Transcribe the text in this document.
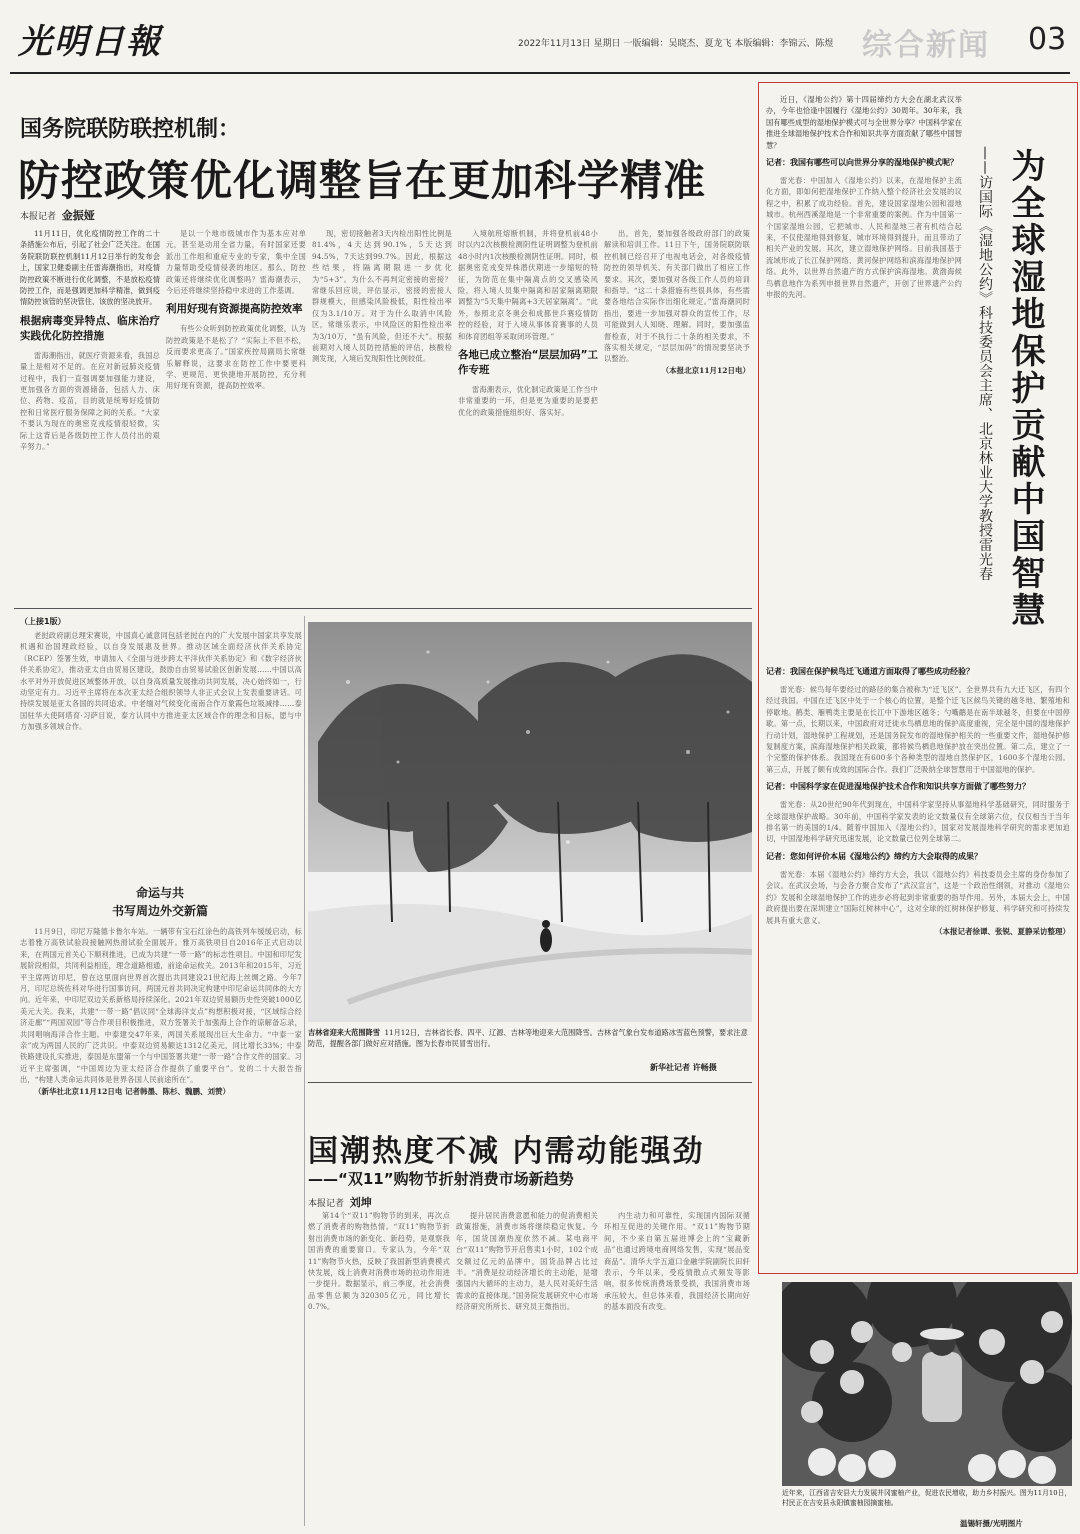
光明日報	2022年11月13日 星期日 一版编辑：吴晓杰、夏龙飞 本版编辑：李锦云、陈煜 综合新闻 03
国务院联防联控机制：
防控政策优化调整旨在更加科学精准
本报记者 金振娅

11月11日，优化疫情防控工作的二十条措施公布后，引起了社会广泛关注。在国务院联防联控机制11月12日举行的发布会上，国家卫健委副主任雷海潮指出，对疫情防控政策不断进行优化调整，不是放松疫情防控工作，而是强调更加科学精准，做到疫情防控该管的坚决管住、该放的坚决放开。

根据病毒变异特点、临床治疗实践优化防控措施

雷海潮指出，就医疗资源来看，我国总量上是相对不足的。在应对新冠肺炎疫情过程中，我们一直强调要加强能力建设，更加强各方面的资源储备，包括人力、床位、药物、疫苗，目的就是统筹好疫情防控和日常医疗服务保障之间的关系。“大家不要认为现在的奥密克戎疫情很轻微，实际上这背后是各级防控工作人员付出的艰辛努力。”

是以一个地市级城市作为基本应对单元，甚至是动用全省力量，有时国家还要派出工作组和重症专业的专家，集中全国力量帮助受疫情侵袭的地区。那么，防控政策还将继续优化调整吗？雷海潮表示，今后还将继续坚持稳中求进的工作基调。

利用好现有资源提高防控效率

有些公众听到防控政策优化调整，认为防控政策是不是松了？“实际上不但不松，反而要求更高了。”国家疾控局副局长常继乐解释说，这要求在防控工作中要更科学、更规范、更快捷地开展防控，充分利用好现有资源，提高防控效率。

现，密切接触者3天内检出阳性比例是81.4%，4天达到90.1%，5天达到94.5%，7天达到99.7%。因此，根据这些结果，将隔离期限进一步优化为“5+3”。为什么不再判定密接的密接？常继乐回应说，评估显示，密接的密接人群规模大，但感染风险极低，阳性检出率仅为3.1/10万。对于为什么取消中风险区，常继乐表示，中风险区的阳性检出率为3/10万，“虽有风险，但还不大”。根据前期对入境人员防控措施的评估，核酸检测发现，入境后发现阳性比例较低。

入境航班熔断机制，并将登机前48小时以内2次核酸检测阴性证明调整为登机前48小时内1次核酸检测阴性证明。同时，根据奥密克戎变异株潜伏期进一步缩短的特征，为防范在集中隔离点的交叉感染风险，将入境人员集中隔离和居家隔离期限调整为“5天集中隔离+3天居家隔离”。“此外，参照北京冬奥会和成都世乒赛疫情防控的经验，对于入境从事体育赛事的人员和体育团组等采取闭环管理。”

各地已成立整治“层层加码”工作专班

雷海潮表示，优化制定政策是工作当中非常重要的一环，但是更为重要的是要把优化的政策措施组织好、落实好。

出，首先，要加强各级政府部门的政策解读和培训工作。11日下午，国务院联防联控机制已经召开了电视电话会，对各级疫情防控的领导机关、有关部门做出了相应工作要求。其次，要加强对各级工作人员的培训和指导。“这二十条措施有些很具体，有些需要各地结合实际作出细化规定。”雷海潮同时指出，要进一步加强对群众的宣传工作，尽可能做到人人知晓、理解。同时，要加强监督检查，对于不执行二十条的相关要求，不落实相关规定，“层层加码”的情况要坚决予以整治。

（本报北京11月12日电）	为全球湿地保护贡献中国智慧
——访国际《湿地公约》科技委员会主席、北京林业大学教授雷光春

近日，《湿地公约》第十四届缔约方大会在湖北武汉举办，今年也恰逢中国履行《湿地公约》30周年。30年来，我国有哪些成型的湿地保护模式可与全世界分享？中国科学家在推进全球湿地保护技术合作和知识共享方面贡献了哪些中国智慧？

记者：我国有哪些可以向世界分享的湿地保护模式呢？

雷光春：中国加入《湿地公约》以来，在湿地保护主流化方面，即如何把湿地保护工作纳入整个经济社会发展的议程之中，积累了成功经验。首先，建设国家湿地公园和湿地城市。杭州西溪湿地是一个非常重要的案例。作为中国第一个国家湿地公园，它把城市、人民和湿地三者有机结合起来，不仅使湿地得到修复，城市环境得到提升，而且带动了相关产业的发展。其次，建立湿地保护网络。目前我国基于流域形成了长江保护网络、黄河保护网络和滨海湿地保护网络。此外，以世界自然遗产的方式保护滨海湿地。黄渤海候鸟栖息地作为系列申报世界自然遗产，开创了世界遗产公约申报的先河。

记者：我国在保护候鸟迁飞通道方面取得了哪些成功经验？

雷光春：候鸟每年要经过的路径的集合被称为“迁飞区”。全世界共有九大迁飞区，有四个经过我国。中国在迁飞区中处于一个核心的位置，是整个迁飞区候鸟关键的越冬地、繁殖地和停歇地。鹤类、雁鸭类主要是在长江中下游地区越冬；勺嘴鹬是在南半球越冬，但要在中国停歇。第一点，长期以来，中国政府对迁徙水鸟栖息地的保护高度重视，完全是中国的湿地保护行动计划，湿地保护工程规划，还是国务院发布的湿地保护相关的一些重要文件，湿地保护修复制度方案，滨海湿地保护相关政策，都将候鸟栖息地保护放在突出位置。第二点，建立了一个完整的保护体系。我国现在有600多个各种类型的湿地自然保护区，1600多个湿地公园。第三点，开展了颇有成效的国际合作。我们广泛吸纳全球智慧用于中国湿地的保护。

记者：中国科学家在促进湿地保护技术合作和知识共享方面做了哪些努力？

雷光春：从20世纪90年代到现在，中国科学家坚持从事湿地科学基础研究，同时服务于全球湿地保护战略。30年前，中国科学家发表的论文数量仅有全球第六位，仅仅相当于当年排名第一的美国的1/4。随着中国加入《湿地公约》，国家对发展湿地科学研究的需求更加迫切，中国湿地科学研究迅速发展，论文数量已位列全球第二。

记者：您如何评价本届《湿地公约》缔约方大会取得的成果？

雷光春：本届《湿地公约》缔约方大会，我以《湿地公约》科技委员会主席的身份参加了会议。在武汉会场，与会各方聚合发布了“武汉宣言”，这是一个政治性纲领，对推动《湿地公约》发展和全球湿地保护工作的进步必将起到非常重要的指导作用。另外，本届大会上，中国政府提出要在深圳建立“国际红树林中心”，这对全球的红树林保护修复、科学研究和可持续发展具有重大意义。

（本报记者徐谭、张锐、夏静采访整理）

（上接1版）

老挝政府副总理宋赛说，中国真心诚意同包括老挝在内的广大发展中国家共享发展机遇和治国理政经验，以自身发展惠及世界。推动区域全面经济伙伴关系协定（RCEP）签署生效，申请加入《全面与进步跨太平洋伙伴关系协定》和《数字经济伙伴关系协定》，推动亚太自由贸易区建设，鼓励自由贸易试验区创新发展……中国以高水平对外开放促进区域整体开放，以自身高质量发展推动共同发展，决心始终如一，行动坚定有力。习近平主席将在本次亚太经合组织领导人非正式会议上发表重要讲话。可持续发展是亚太各国的共同追求。中老缅对气候变化南南合作万象霞色垃圾减排……泰国驻华大使阿塔育·习萨目说，泰方认同中方推进亚太区域合作的理念和目标，愿与中方加强多领域合作。

命运与共
书写周边外交新篇

11月9日，印尼万隆德卡鲁尔车站。一辆带有宝石红涂色的高铁列车缓缓启动，标志着雅万高铁试验段接触网热滑试验全面展开。雅万高铁项目自2016年正式启动以来，在两国元首关心下顺利推进，已成为共建“一带一路”的标志性项目。中国和印尼发展阶段相似，共同利益相连，理念道路相通，前途命运攸关。2013年和2015年，习近平主席两访印尼，曾在这里面向世界首次提出共同建设21世纪海上丝绸之路。今年7月，印尼总统佐科对华进行国事访问，两国元首共同决定构建中印尼命运共同体的大方向。近年来，中印尼双边关系新格局持续深化。2021年双边贸易额历史性突破1000亿美元大关。我来，共建“一带一路”倡议同“全球海洋支点”构想积极对接，“区域综合经济走廊”“两国双园”等合作项目积极推进，双方签署关于加强海上合作的谅解备忘录，共同唱响海洋合作主题。中泰建交47年来，两国关系展现出巨大生命力。“中泰一家亲”成为两国人民的广泛共识。中泰双边贸易额达1312亿美元，同比增长33%；中泰铁路建设扎实推进，泰国是东盟第一个与中国签署共建“一带一路”合作文件的国家。习近平主席强调，“中国周边为亚太经济合作提供了重要平台”。党的二十大报告指出，“构建人类命运共同体是世界各国人民前途所在”。

（新华社北京11月12日电 记者韩墨、陈杉、魏鹏、刘赞）

吉林省迎来大范围降雪 11月12日，吉林省长春、四平、辽源、吉林等地迎来大范围降雪。吉林省气象台发布道路冰雪蓝色预警，要求注意防范，提醒各部门做好应对措施。图为长春市民冒雪出行。
新华社记者 许畅摄
国潮热度不减 内需动能强劲
——“双11”购物节折射消费市场新趋势
本报记者 刘坤

第14个“双11”购物节的到来，再次点燃了消费者的购物热情。“双11”购物节折射出消费市场的新变化、新趋势，是观察我国消费的重要窗口。专家认为，今年“双11”购物节火热，反映了我国新型消费模式快发展，线上消费对消费市场的拉动作用进一步提升。数据显示，前三季度，社会消费品零售总额为320305亿元，同比增长0.7%。

提升居民消费意愿和能力的促消费相关政策措施，消费市场将继续稳定恢复。今年，国货国潮热度依然不减。某电商平台“双11”购物节开启售卖1小时，102个成交额过亿元的品牌中，国货品牌占比过半。“消费是拉动经济增长的主动能，是增强国内大循环的主动力，是人民对美好生活需求的直接体现。”国务院发展研究中心市场经济研究所所长、研究员王微指出。

内生动力和可靠性，实现国内国际双循环相互促进的关键作用。“双11”购物节期间，不少来自第五届进博会上的“宝藏新品”也通过跨境电商网络发售，实现“展品变商品”。清华大学五道口金融学院副院长田轩表示，今年以来，受疫情散点式频发等影响，很多传统消费场景受损，我国消费市场承压较大。但总体来看，我国经济长期向好的基本面没有改变。

近年来，江西省吉安县大力发展井冈蜜柚产业，促进农民增收，助力乡村振兴。图为11月10日，村民正在吉安县永阳镇蜜柚园摘蜜柚。
温锡轩摄/光明图片
